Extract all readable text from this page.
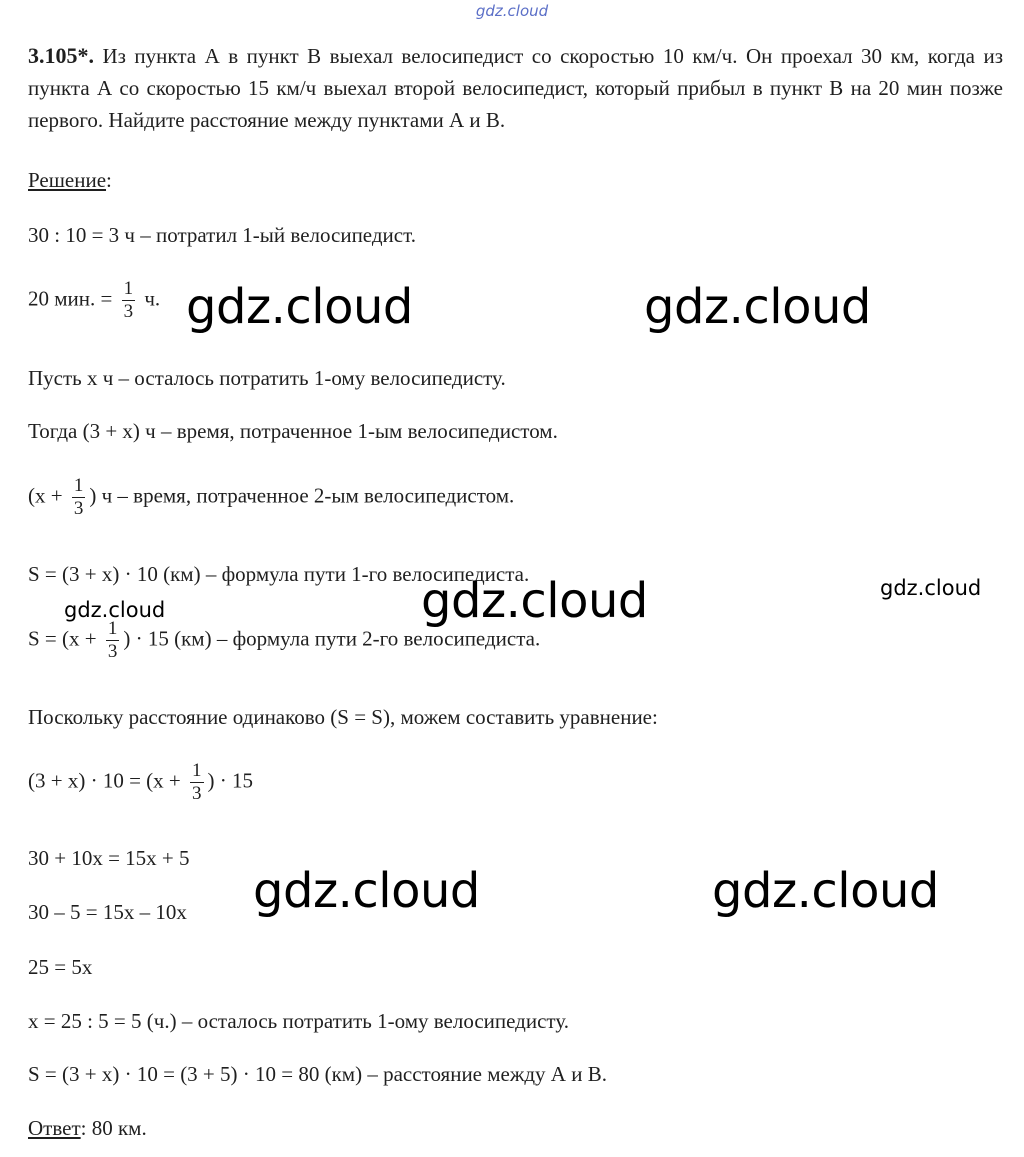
gdz.cloud
3.105*. Из пункта А в пункт В выехал велосипедист со скоростью 10 км/ч. Он проехал 30 км, когда из пункта А со скоростью 15 км/ч выехал второй велосипедист, который прибыл в пункт В на 20 мин позже первого. Найдите расстояние между пунктами А и В.
Решение:
30 : 10 = 3 ч – потратил 1-ый велосипедист.
20 мин. = $\frac{1}{3} ч$.
Пусть х ч – осталось потратить 1-ому велосипедисту.
Тогда (3 + х) ч – время, потраченное 1-ым велосипедистом.
($х + \frac{1}{3}$ ) ч – время, потраченное 2-ым велосипедистом.
S = (3 + х) · 10 (км) – формула пути 1-го велосипедиста.
$S = (х + \frac{1}{3}$ ) · 15 (км) – формула пути 2-го велосипедиста.
Поскольку расстояние одинаково (S = S), можем составить уравнение:
$(3 + х) \cdot 10 = (х + \frac{1}{3}$ ) · 15
30 + 10х = 15х + 5
30 – 5 = 15х – 10х
25 = 5х
х = 25 : 5 = 5 (ч.) – осталось потратить 1-ому велосипедисту.
S = (3 + х) · 10 = (3 + 5) · 10 = 80 (км) – расстояние между А и В.
Ответ: 80 км.
gdz.cloud	gdz.cloud
gdz.cloud
gdz.cloud
gdz.cloud
gdz.cloud	gdz.cloud
